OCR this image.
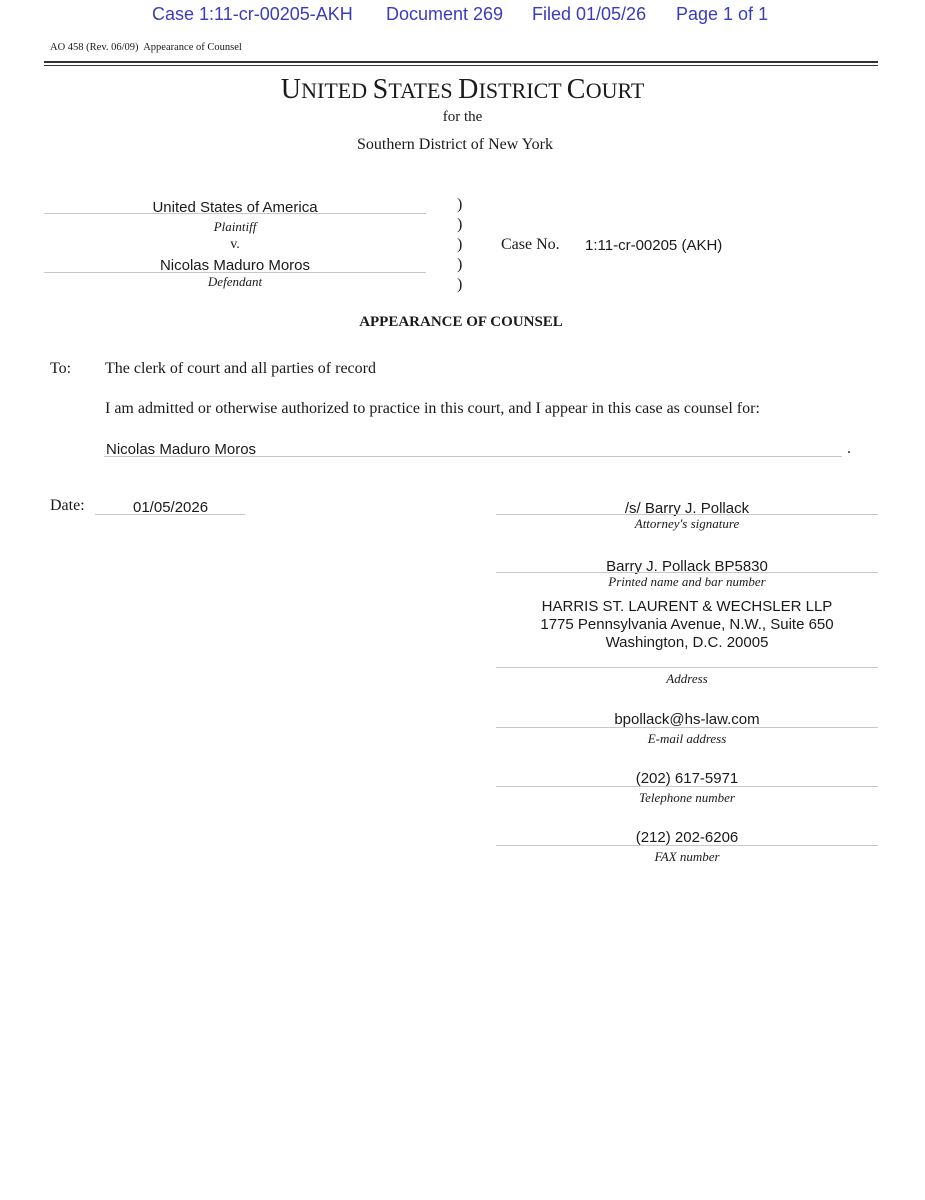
Case 1:11-cr-00205-AKH Document 269 Filed 01/05/26 Page 1 of 1
AO 458 (Rev. 06/09)  Appearance of Counsel
UNITED STATES DISTRICT COURT
for the
Southern District of New York
United States of America
Plaintiff
v.
Nicolas Maduro Moros
Defendant
)
)
)
)
)
Case No. 1:11-cr-00205 (AKH)
APPEARANCE OF COUNSEL
To: The clerk of court and all parties of record
I am admitted or otherwise authorized to practice in this court, and I appear in this case as counsel for:
Nicolas Maduro Moros	.
Date:	01/05/2026	/s/ Barry J. Pollack
Attorney's signature
Barry J. Pollack BP5830
Printed name and bar number
HARRIS ST. LAURENT & WECHSLER LLP
1775 Pennsylvania Avenue, N.W., Suite 650
Washington, D.C. 20005
Address
bpollack@hs-law.com
E-mail address
(202) 617-5971
Telephone number
(212) 202-6206
FAX number
